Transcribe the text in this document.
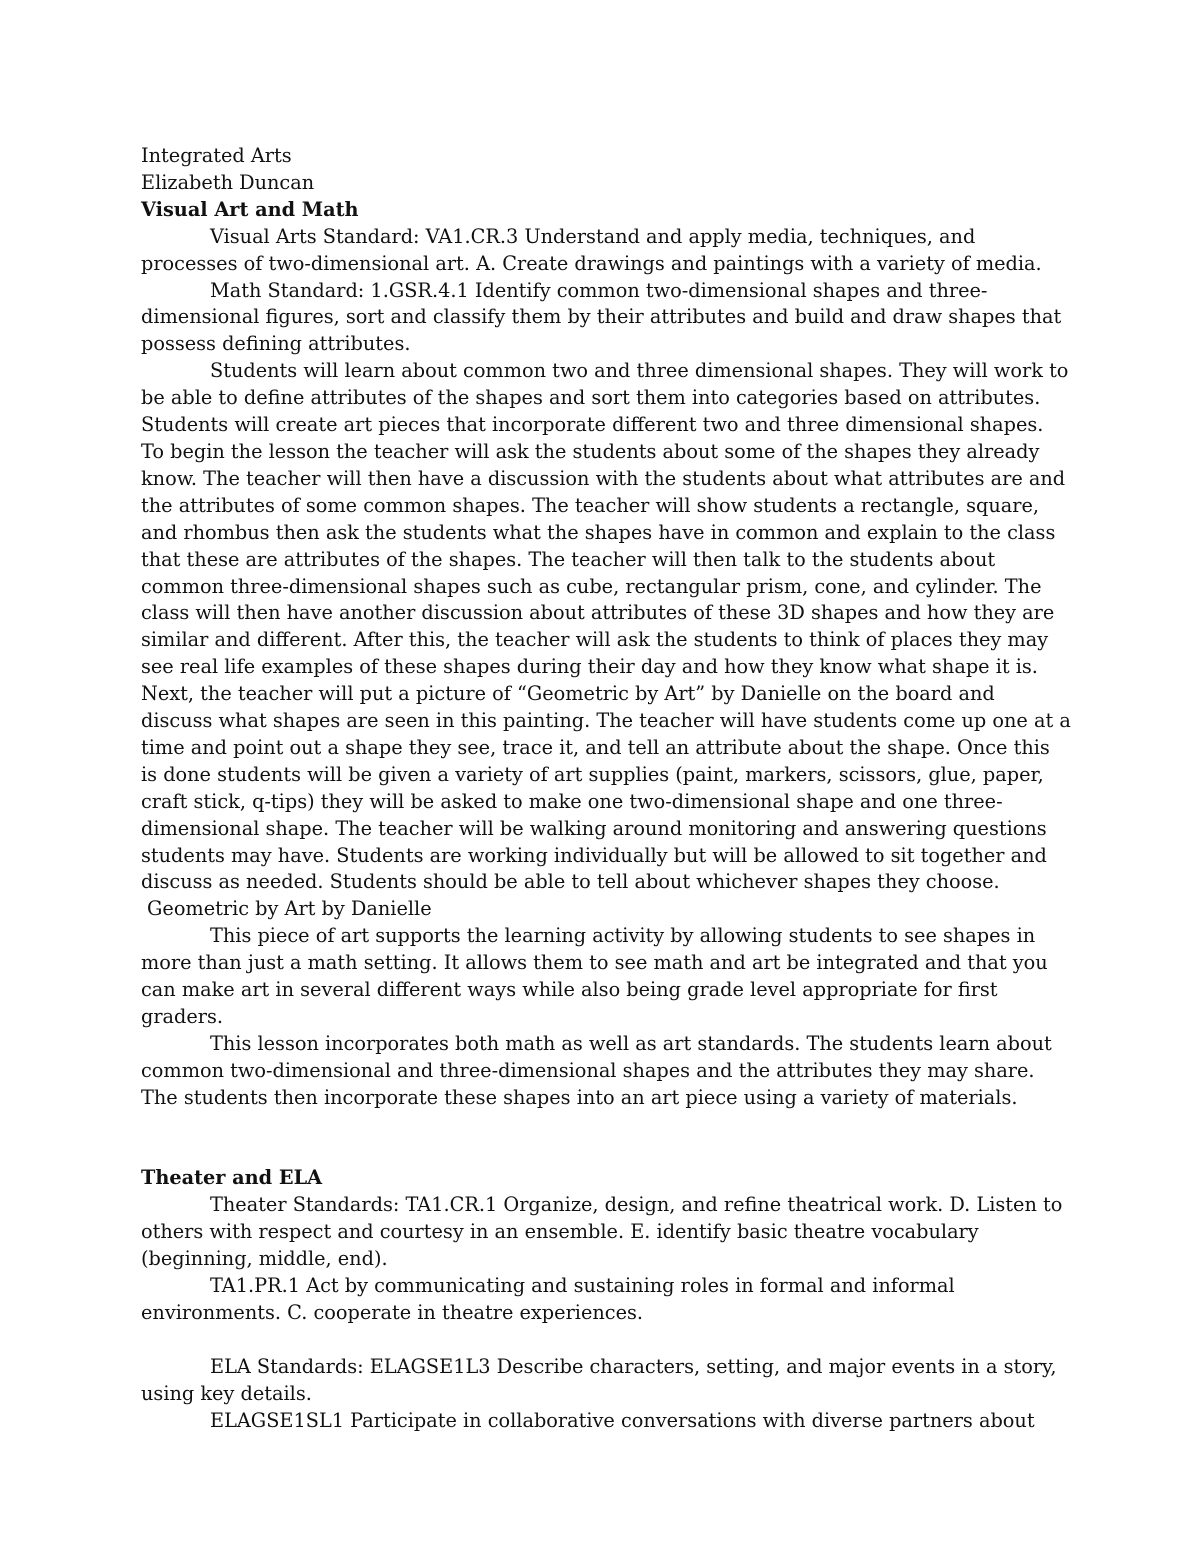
Integrated Arts
Elizabeth Duncan
Visual Art and Math

Visual Arts Standard: VA1.CR.3 Understand and apply media, techniques, and processes of two-dimensional art. A. Create drawings and paintings with a variety of media.

Math Standard: 1.GSR.4.1 Identify common two-dimensional shapes and three-dimensional figures, sort and classify them by their attributes and build and draw shapes that possess defining attributes.

Students will learn about common two and three dimensional shapes. They will work to be able to define attributes of the shapes and sort them into categories based on attributes. Students will create art pieces that incorporate different two and three dimensional shapes. To begin the lesson the teacher will ask the students about some of the shapes they already know. The teacher will then have a discussion with the students about what attributes are and the attributes of some common shapes. The teacher will show students a rectangle, square, and rhombus then ask the students what the shapes have in common and explain to the class that these are attributes of the shapes. The teacher will then talk to the students about common three-dimensional shapes such as cube, rectangular prism, cone, and cylinder. The class will then have another discussion about attributes of these 3D shapes and how they are similar and different. After this, the teacher will ask the students to think of places they may see real life examples of these shapes during their day and how they know what shape it is. Next, the teacher will put a picture of “Geometric by Art” by Danielle on the board and discuss what shapes are seen in this painting. The teacher will have students come up one at a time and point out a shape they see, trace it, and tell an attribute about the shape. Once this is done students will be given a variety of art supplies (paint, markers, scissors, glue, paper, craft stick, q-tips) they will be asked to make one two-dimensional shape and one three-dimensional shape. The teacher will be walking around monitoring and answering questions students may have. Students are working individually but will be allowed to sit together and discuss as needed. Students should be able to tell about whichever shapes they choose.

Geometric by Art by Danielle

This piece of art supports the learning activity by allowing students to see shapes in more than just a math setting. It allows them to see math and art be integrated and that you can make art in several different ways while also being grade level appropriate for first graders.

This lesson incorporates both math as well as art standards. The students learn about common two-dimensional and three-dimensional shapes and the attributes they may share. The students then incorporate these shapes into an art piece using a variety of materials.

Theater and ELA

Theater Standards: TA1.CR.1 Organize, design, and refine theatrical work. D. Listen to others with respect and courtesy in an ensemble. E. identify basic theatre vocabulary (beginning, middle, end).

TA1.PR.1 Act by communicating and sustaining roles in formal and informal environments. C. cooperate in theatre experiences.

ELA Standards: ELAGSE1L3 Describe characters, setting, and major events in a story, using key details.

ELAGSE1SL1 Participate in collaborative conversations with diverse partners about
